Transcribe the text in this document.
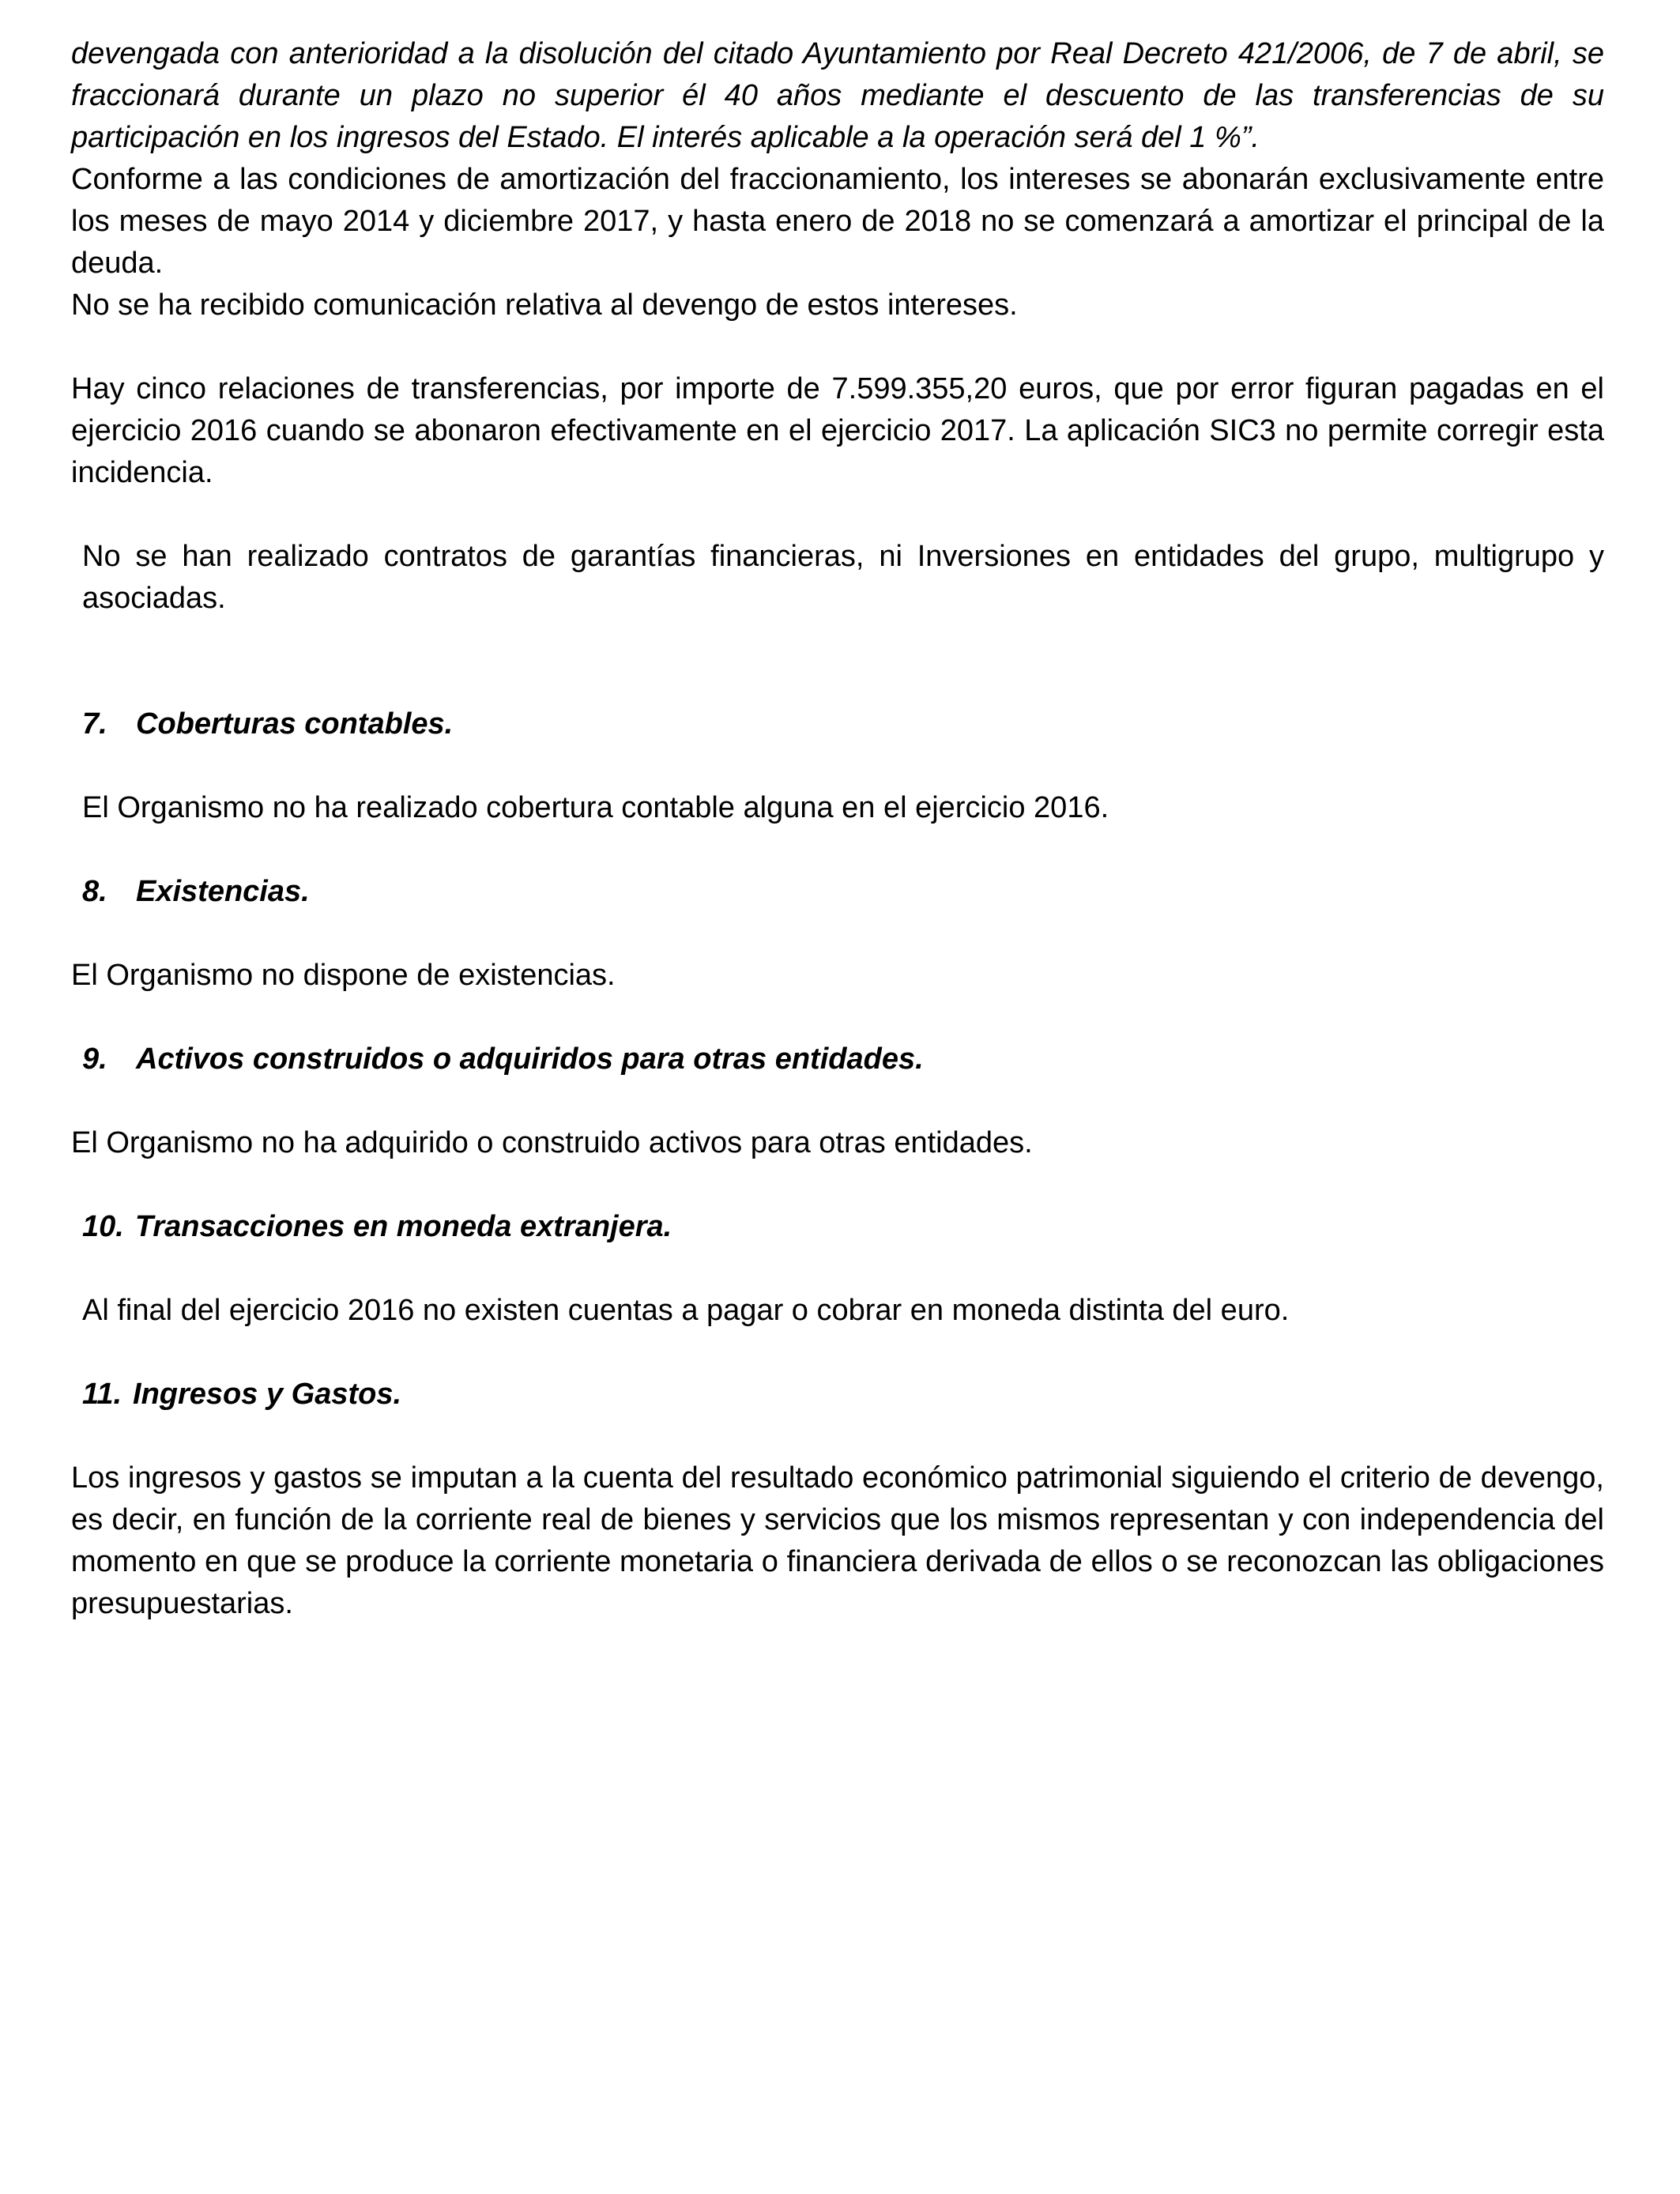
devengada con anterioridad a la disolución del citado Ayuntamiento por Real Decreto 421/2006, de 7 de abril, se fraccionará durante un plazo no superior él 40 años mediante el descuento de las transferencias de su participación en los ingresos del Estado. El interés aplicable a la operación será del 1 %”.

Conforme a las condiciones de amortización del fraccionamiento, los intereses se abonarán exclusivamente entre los meses de mayo 2014 y diciembre 2017, y hasta enero de 2018 no se comenzará a amortizar el principal de la deuda.

No se ha recibido comunicación relativa al devengo de estos intereses.

Hay cinco relaciones de transferencias, por importe de 7.599.355,20 euros, que por error figuran pagadas en el ejercicio 2016 cuando se abonaron efectivamente en el ejercicio 2017. La aplicación SIC3 no permite corregir esta incidencia.

No se han realizado contratos de garantías financieras, ni Inversiones en entidades del grupo, multigrupo y asociadas.

7. Coberturas contables.

El Organismo no ha realizado cobertura contable alguna en el ejercicio 2016.

8. Existencias.

El Organismo no dispone de existencias.

9. Activos construidos o adquiridos para otras entidades.

El Organismo no ha adquirido o construido activos para otras entidades.

10. Transacciones en moneda extranjera.

Al final del ejercicio 2016 no existen cuentas a pagar o cobrar en moneda distinta del euro.

11. Ingresos y Gastos.

Los ingresos y gastos se imputan a la cuenta del resultado económico patrimonial siguiendo el criterio de devengo, es decir, en función de la corriente real de bienes y servicios que los mismos representan y con independencia del momento en que se produce la corriente monetaria o financiera derivada de ellos o se reconozcan las obligaciones presupuestarias.
